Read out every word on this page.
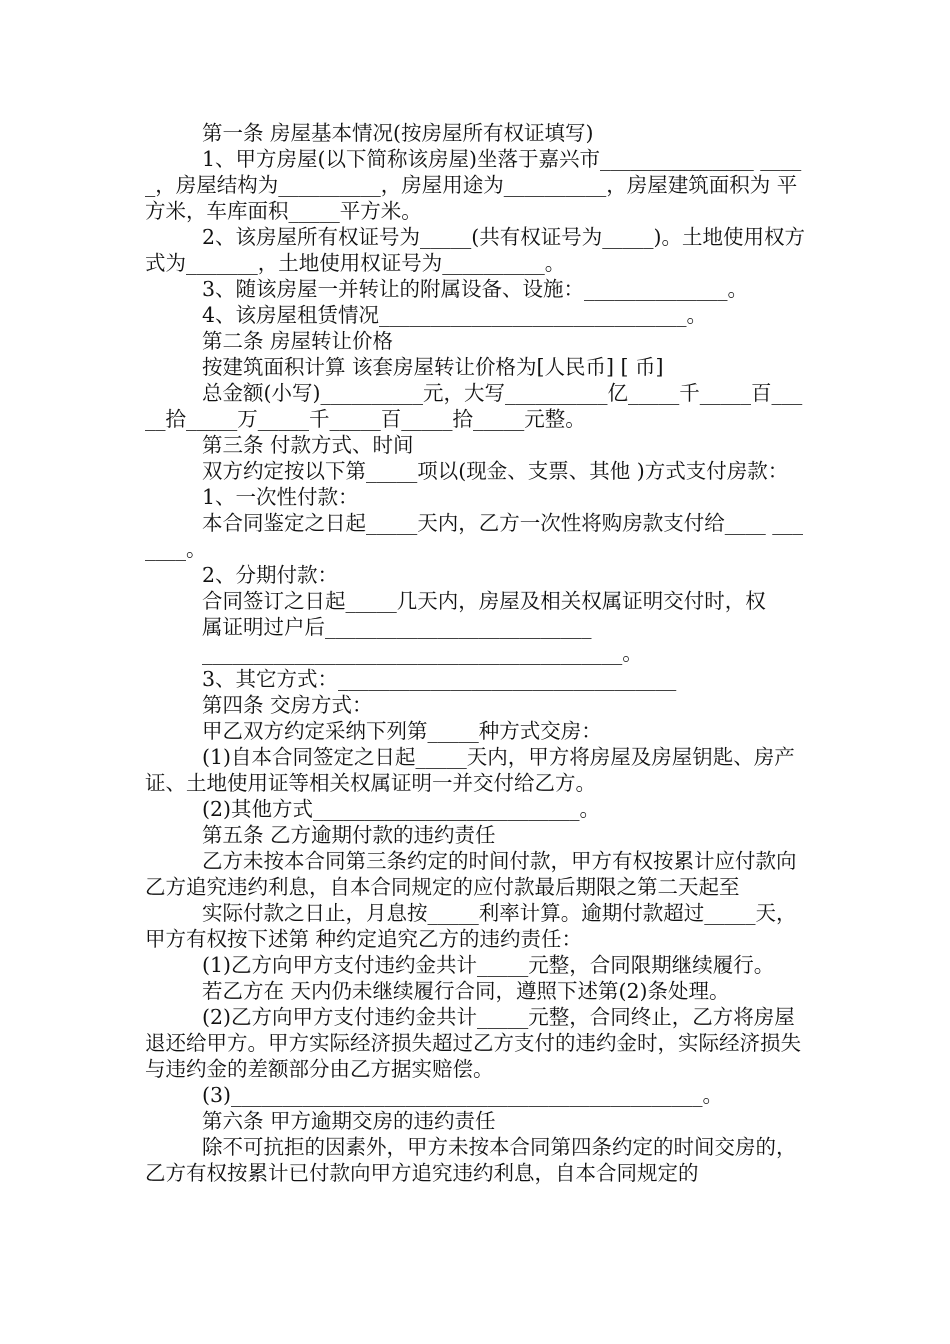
第一条 房屋基本情况(按房屋所有权证填写)

1、甲方房屋(以下简称该房屋)坐落于嘉兴市_______________ _____，房屋结构为__________，房屋用途为__________，房屋建筑面积为 平方米，车库面积_____平方米。

2、该房屋所有权证号为_____(共有权证号为_____)。土地使用权方式为_______，土地使用权证号为__________。

3、随该房屋一并转让的附属设备、设施：______________。

4、该房屋租赁情况______________________________。

第二条 房屋转让价格

按建筑面积计算 该套房屋转让价格为[人民币] [ 币]

总金额(小写)__________元，大写__________亿_____千_____百_____拾_____万_____千_____百_____拾_____元整。

第三条 付款方式、时间

双方约定按以下第_____项以(现金、支票、其他 )方式支付房款：

1、一次性付款：

本合同鉴定之日起_____天内，乙方一次性将购房款支付给____ _______。

2、分期付款：

合同签订之日起_____几天内，房屋及相关权属证明交付时，权

属证明过户后__________________________

_________________________________________。

3、其它方式：_________________________________

第四条 交房方式：

甲乙双方约定采纳下列第_____种方式交房：

(1)自本合同签定之日起_____天内，甲方将房屋及房屋钥匙、房产证、土地使用证等相关权属证明一并交付给乙方。

(2)其他方式__________________________。

第五条 乙方逾期付款的违约责任

乙方未按本合同第三条约定的时间付款，甲方有权按累计应付款向乙方追究违约利息，自本合同规定的应付款最后期限之第二天起至

实际付款之日止，月息按_____利率计算。逾期付款超过_____天，甲方有权按下述第 种约定追究乙方的违约责任：

(1)乙方向甲方支付违约金共计_____元整，合同限期继续履行。

若乙方在 天内仍未继续履行合同，遵照下述第(2)条处理。

(2)乙方向甲方支付违约金共计_____元整，合同终止，乙方将房屋退还给甲方。甲方实际经济损失超过乙方支付的违约金时，实际经济损失与违约金的差额部分由乙方据实赔偿。

(3)______________________________________________。

第六条 甲方逾期交房的违约责任

除不可抗拒的因素外，甲方未按本合同第四条约定的时间交房的，乙方有权按累计已付款向甲方追究违约利息，自本合同规定的
